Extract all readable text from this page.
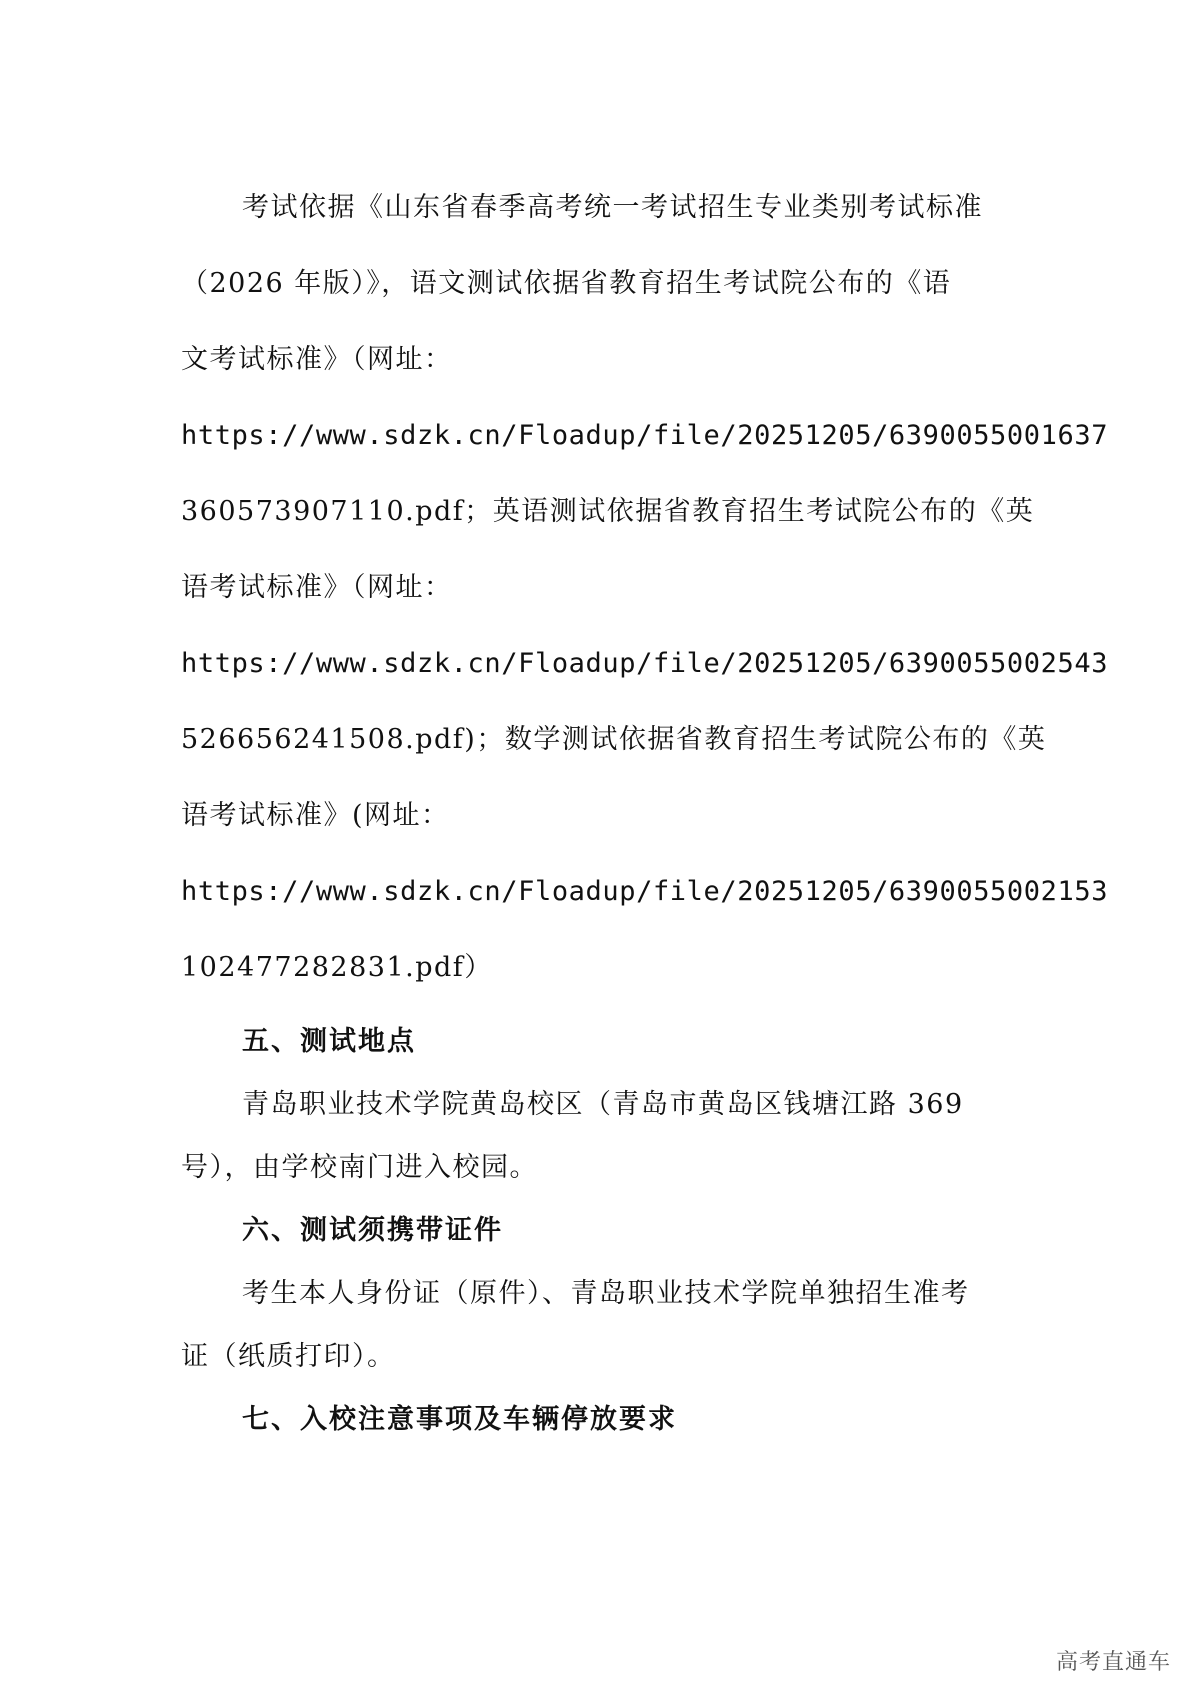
考试依据《山东省春季高考统一考试招生专业类别考试标准
（2026 年版）》，语文测试依据省教育招生考试院公布的《语
文考试标准》（网址：
https://www.sdzk.cn/Floadup/file/20251205/6390055001637
360573907110.pdf；英语测试依据省教育招生考试院公布的《英
语考试标准》（网址：
https://www.sdzk.cn/Floadup/file/20251205/6390055002543
526656241508.pdf)；数学测试依据省教育招生考试院公布的《英
语考试标准》(网址：
https://www.sdzk.cn/Floadup/file/20251205/6390055002153
102477282831.pdf）
五、测试地点
青岛职业技术学院黄岛校区（青岛市黄岛区钱塘江路 369
号），由学校南门进入校园。
六、测试须携带证件
考生本人身份证（原件）、青岛职业技术学院单独招生准考
证（纸质打印）。
七、入校注意事项及车辆停放要求
高考直通车
